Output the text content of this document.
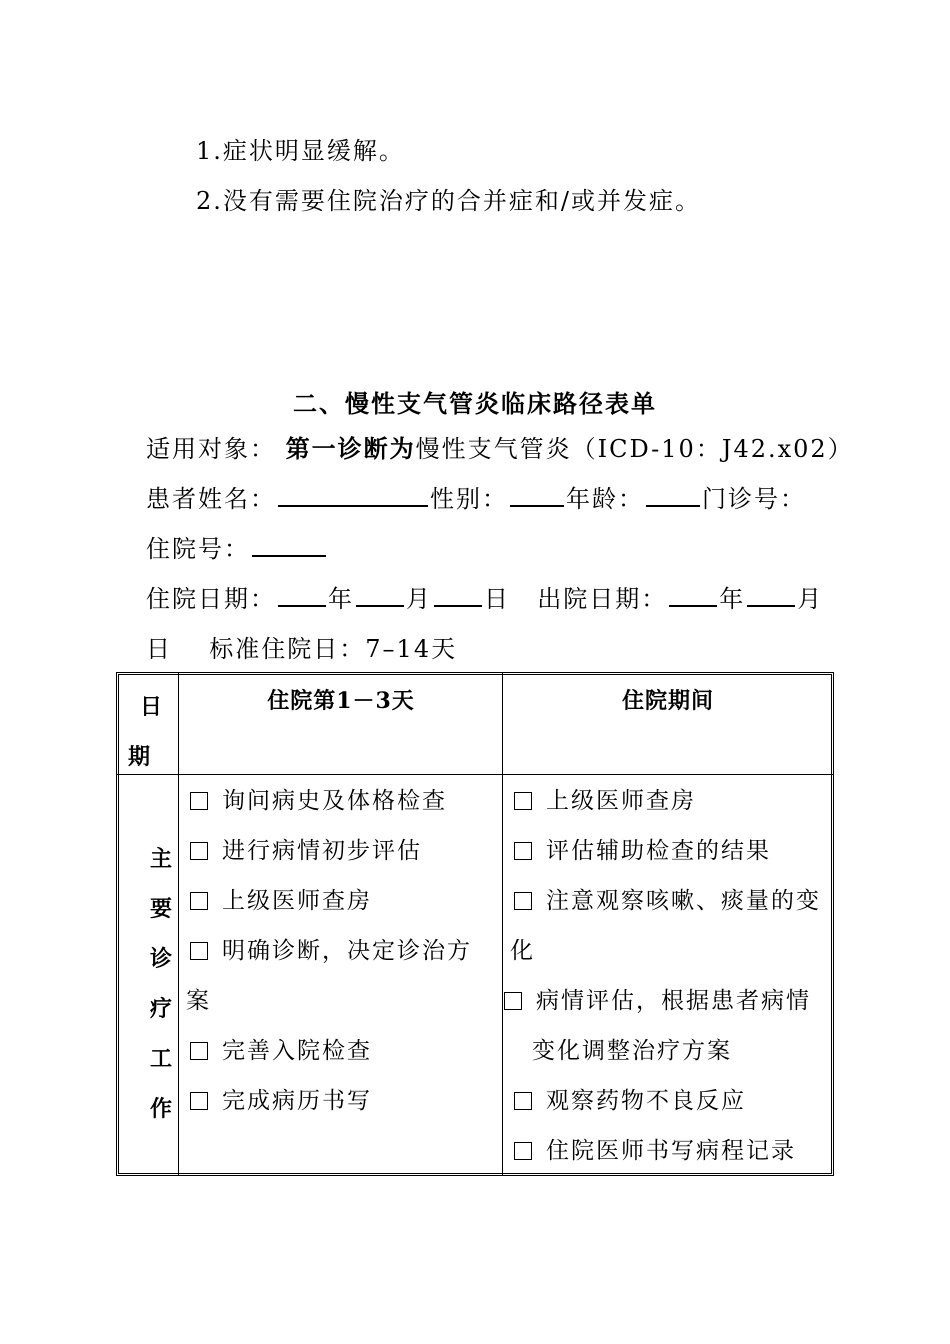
1.症状明显缓解。
2.没有需要住院治疗的合并症和/或并发症。
二、慢性支气管炎临床路径表单
适用对象： 第一诊断为慢性支气管炎（ICD-10：J42.x02）
患者姓名：	性别： 年龄： 门诊号：
住院号：
住院日期： 年 月 日 出院日期： 年 月
日 标准住院日：7–14天
日
期
住院第1－3天	住院期间
主
要
诊
疗
工
作
询问病史及体格检查
进行病情初步评估
上级医师查房
明确诊断，决定诊治方
案
完善入院检查
完成病历书写
上级医师查房
评估辅助检查的结果
注意观察咳嗽、痰量的变
化
病情评估，根据患者病情
变化调整治疗方案
观察药物不良反应
住院医师书写病程记录
